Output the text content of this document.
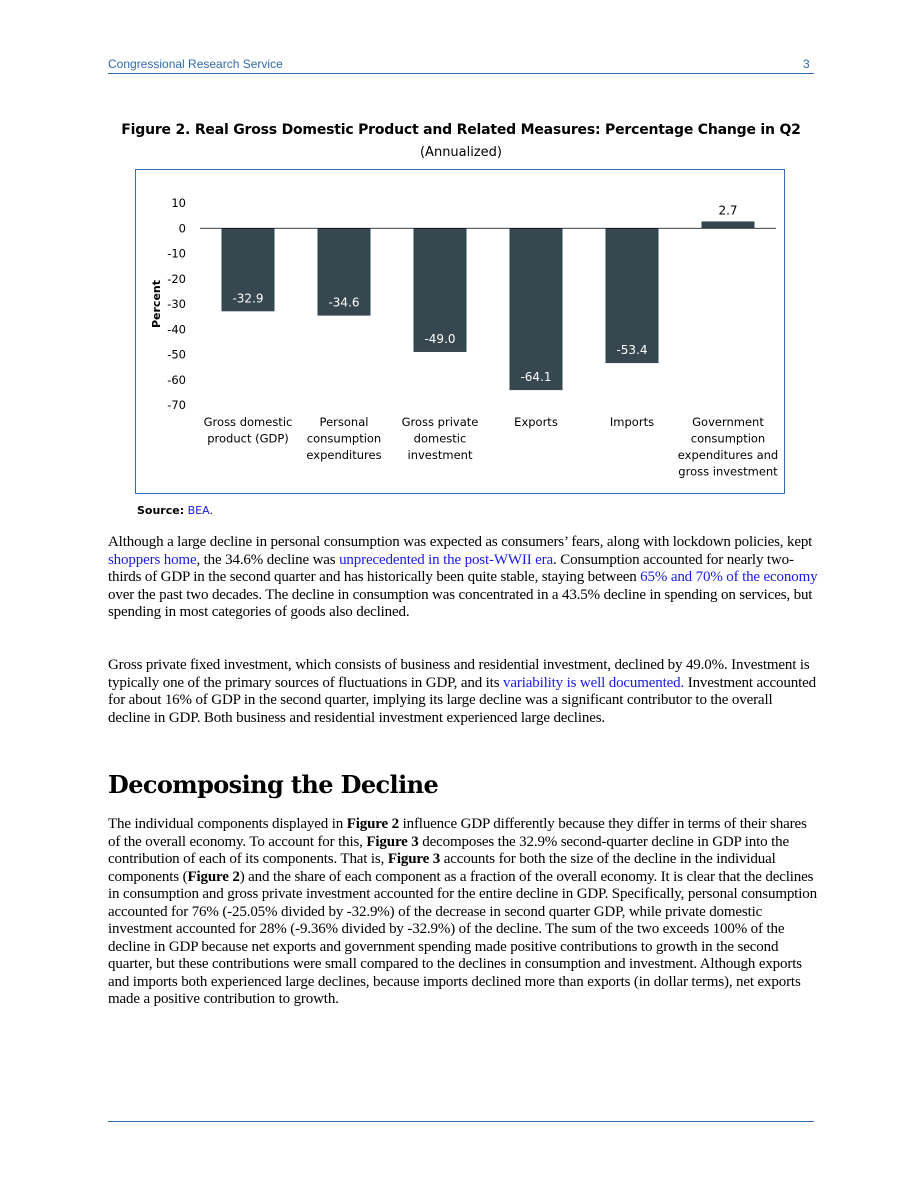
Congressional Research Service	3
Figure 2. Real Gross Domestic Product and Related Measures: Percentage Change in Q2
(Annualized)
10
0
-10
-20
-30
-40
-50
-60
-70
Percent	-32.9
Gross domestic
product (GDP)
-34.6
Personal
consumption
expenditures
-49.0
Gross private
domestic
investment
-64.1
Exports
-53.4
Imports
2.7
Government
consumption
expenditures and
gross investment
Source: BEA.

Although a large decline in personal consumption was expected as consumers’ fears, along with lockdown policies, kept shoppers home, the 34.6% decline was unprecedented in the post-WWII era. Consumption accounted for nearly two-thirds of GDP in the second quarter and has historically been quite stable, staying between 65% and 70% of the economy over the past two decades. The decline in consumption was concentrated in a 43.5% decline in spending on services, but spending in most categories of goods also declined.

Gross private fixed investment, which consists of business and residential investment, declined by 49.0%. Investment is typically one of the primary sources of fluctuations in GDP, and its variability is well documented. Investment accounted for about 16% of GDP in the second quarter, implying its large decline was a significant contributor to the overall decline in GDP. Both business and residential investment experienced large declines.

Decomposing the Decline

The individual components displayed in Figure 2 influence GDP differently because they differ in terms of their shares of the overall economy. To account for this, Figure 3 decomposes the 32.9% second-quarter decline in GDP into the contribution of each of its components. That is, Figure 3 accounts for both the size of the decline in the individual components (Figure 2) and the share of each component as a fraction of the overall economy. It is clear that the declines in consumption and gross private investment accounted for the entire decline in GDP. Specifically, personal consumption accounted for 76% (-25.05% divided by -32.9%) of the decrease in second quarter GDP, while private domestic investment accounted for 28% (-9.36% divided by -32.9%) of the decline. The sum of the two exceeds 100% of the decline in GDP because net exports and government spending made positive contributions to growth in the second quarter, but these contributions were small compared to the declines in consumption and investment. Although exports and imports both experienced large declines, because imports declined more than exports (in dollar terms), net exports made a positive contribution to growth.
